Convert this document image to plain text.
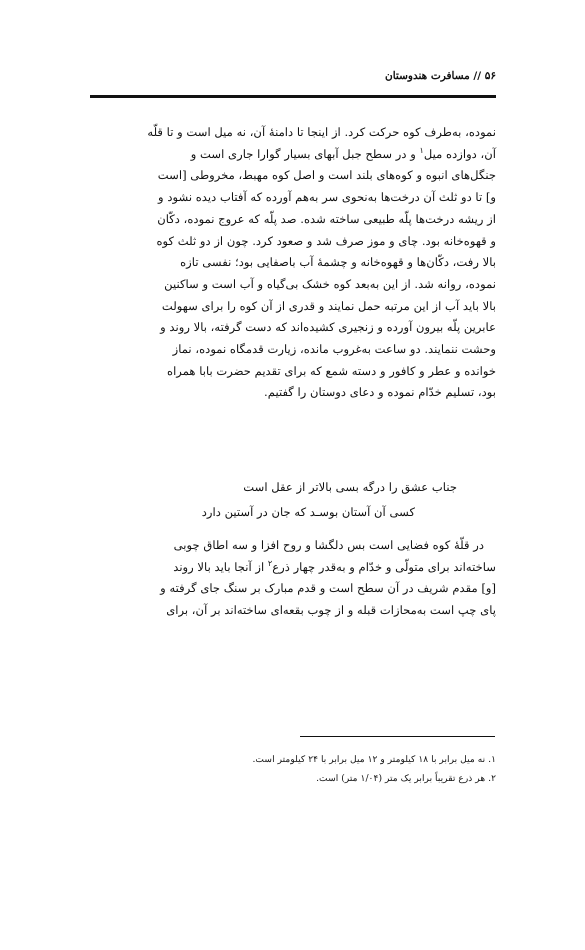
۵۶ // مسافرت هندوستان

نموده، به‌طرف کوه حرکت کرد. از اینجا تا دامنهٔ آن، نه میل است و تا قلّه

آن، دوازده میل$^۱$ و در سطح جبل آبهای بسیار گوارا جاری است و

جنگل‌های انبوه و کوه‌های بلند است و اصل کوه مهبط، مخروطی [است

و] تا دو ثلث آن درخت‌ها به‌نحوی سر به‌هم آورده که آفتاب دیده نشود و

از ریشه درخت‌ها پلّه طبیعی ساخته شده. صد پلّه که عروج نموده، دکّان

و قهوه‌خانه بود. چای و موز صرف شد و صعود کرد. چون از دو ثلث کوه

بالا رفت، دکّان‌ها و قهوه‌خانه و چشمهٔ آب باصفایی بود؛ نفسی تازه

نموده، روانه شد. از این به‌بعد کوه خشک بی‌گیاه و آب است و ساکنین

بالا باید آب از این مرتبه حمل نمایند و قدری از آن کوه را برای سهولت

عابرین پلّه بیرون آورده و زنجیری کشیده‌اند که دست گرفته، بالا روند و

وحشت ننمایند. دو ساعت به‌غروب مانده، زیارت قدمگاه نموده، نماز

خوانده و عطر و کافور و دسته شمع که برای تقدیم حضرت بابا همراه

بود، تسلیم خدّام نموده و دعای دوستان را گفتیم.

جناب عشق را درگه بسی بالاتر از عقل است
کسی آن آستان بوسـد که جان در آستین دارد

در قلّهٔ کوه فضایی است بس دلگشا و روح افزا و سه اطاق چوبی

ساخته‌اند برای متولّی و خدّام و به‌قدر چهار ذرع$^۲$ از آنجا باید بالا روند

[و] مقدم شریف در آن سطح است و قدم مبارک بر سنگ جای گرفته و

پای چپ است به‌محازات قبله و از چوب بقعه‌ای ساخته‌اند بر آن، برای

۱. نه میل برابر با ۱۸ کیلومتر و ۱۲ میل برابر با ۲۴ کیلومتر است.
۲. هر ذرع تقریباً برابر یک متر (۱/۰۴ متر) است.
